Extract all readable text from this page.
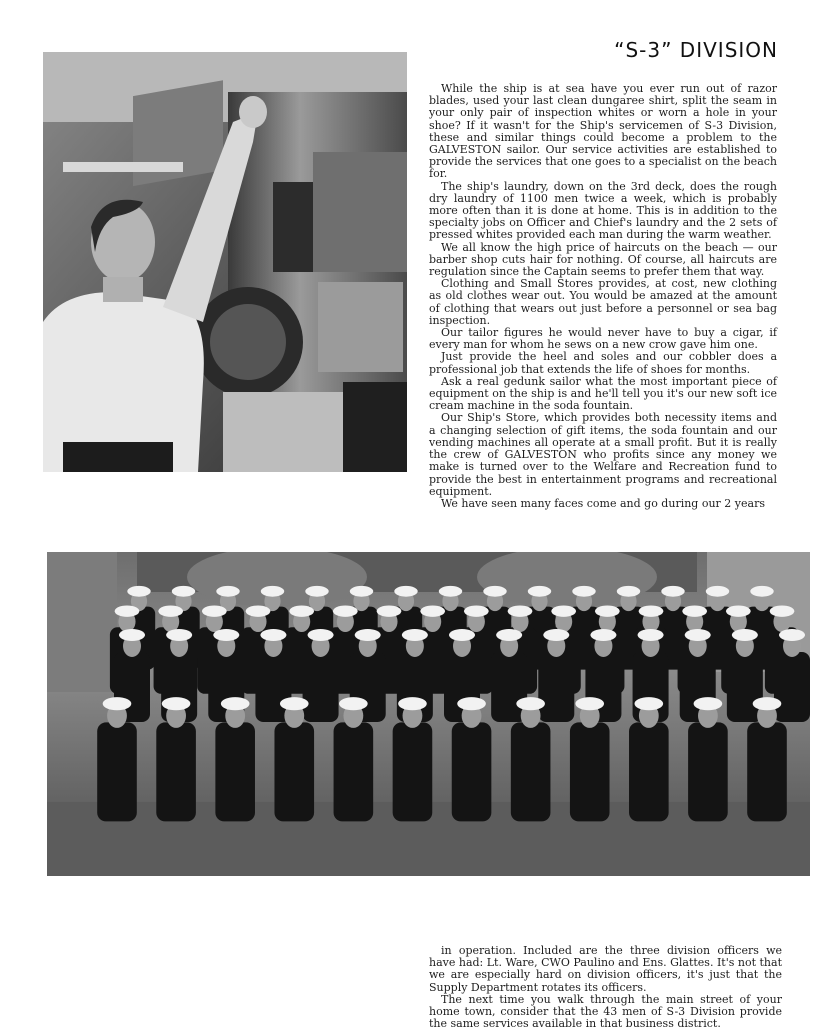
“S-3” DIVISION

While the ship is at sea have you ever run out of razor blades, used your last clean dungaree shirt, split the seam in your only pair of inspection whites or worn a hole in your shoe? If it wasn't for the Ship's servicemen of S-3 Division, these and similar things could become a problem to the GALVESTON sailor. Our service activities are established to provide the services that one goes to a specialist on the beach for.

The ship's laundry, down on the 3rd deck, does the rough dry laundry of 1100 men twice a week, which is probably more often than it is done at home. This is in addition to the specialty jobs on Officer and Chief's laundry and the 2 sets of pressed whites provided each man during the warm weather.

We all know the high price of haircuts on the beach — our barber shop cuts hair for nothing. Of course, all haircuts are regulation since the Captain seems to prefer them that way.

Clothing and Small Stores provides, at cost, new clothing as old clothes wear out. You would be amazed at the amount of clothing that wears out just before a personnel or sea bag inspection.

Our tailor figures he would never have to buy a cigar, if every man for whom he sews on a new crow gave him one.

Just provide the heel and soles and our cobbler does a professional job that extends the life of shoes for months.

Ask a real gedunk sailor what the most important piece of equipment on the ship is and he'll tell you it's our new soft ice cream machine in the soda fountain.

Our Ship's Store, which provides both necessity items and a changing selection of gift items, the soda fountain and our vending machines all operate at a small profit. But it is really the crew of GALVESTON who profits since any money we make is turned over to the Welfare and Recreation fund to provide the best in entertainment programs and recreational equipment.

We have seen many faces come and go during our 2 years

in operation. Included are the three division officers we have had: Lt. Ware, CWO Paulino and Ens. Glattes. It's not that we are especially hard on division officers, it's just that the Supply Department rotates its officers.

The next time you walk through the main street of your home town, consider that the 43 men of S-3 Division provide the same services available in that business district.
